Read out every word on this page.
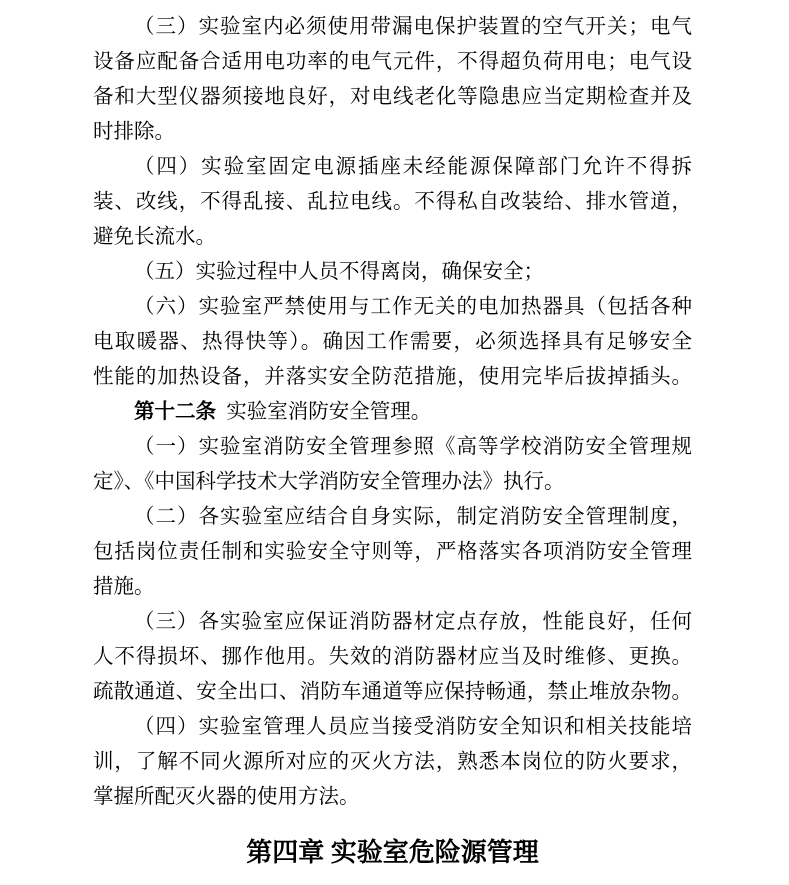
（三）实验室内必须使用带漏电保护装置的空气开关；电气
设备应配备合适用电功率的电气元件，不得超负荷用电；电气设
备和大型仪器须接地良好，对电线老化等隐患应当定期检查并及
时排除。
（四）实验室固定电源插座未经能源保障部门允许不得拆
装、改线，不得乱接、乱拉电线。不得私自改装给、排水管道，
避免长流水。
（五）实验过程中人员不得离岗，确保安全；
（六）实验室严禁使用与工作无关的电加热器具（包括各种
电取暖器、热得快等）。确因工作需要，必须选择具有足够安全
性能的加热设备，并落实安全防范措施，使用完毕后拔掉插头。
第十二条 实验室消防安全管理。
（一）实验室消防安全管理参照《高等学校消防安全管理规
定》、《中国科学技术大学消防安全管理办法》执行。
（二）各实验室应结合自身实际，制定消防安全管理制度，
包括岗位责任制和实验安全守则等，严格落实各项消防安全管理
措施。
（三）各实验室应保证消防器材定点存放，性能良好，任何
人不得损坏、挪作他用。失效的消防器材应当及时维修、更换。
疏散通道、安全出口、消防车通道等应保持畅通，禁止堆放杂物。
（四）实验室管理人员应当接受消防安全知识和相关技能培
训，了解不同火源所对应的灭火方法，熟悉本岗位的防火要求，
掌握所配灭火器的使用方法。
第四章 实验室危险源管理
